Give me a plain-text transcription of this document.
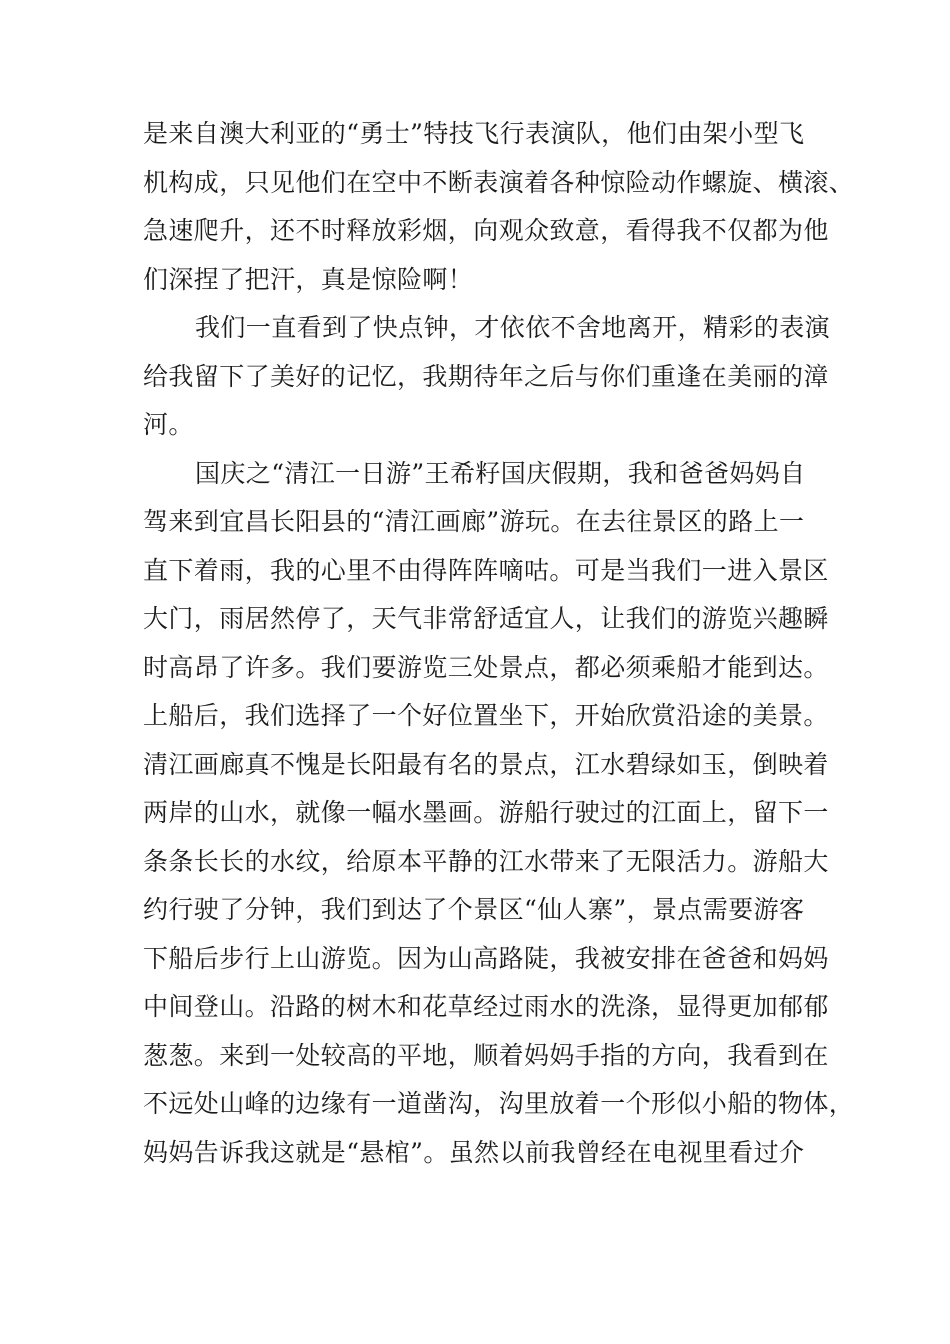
是来自澳大利亚的“勇士”特技飞行表演队，他们由架小型飞
机构成，只见他们在空中不断表演着各种惊险动作螺旋、横滚、
急速爬升，还不时释放彩烟，向观众致意，看得我不仅都为他
们深捏了把汗，真是惊险啊！
我们一直看到了快点钟，才依依不舍地离开，精彩的表演
给我留下了美好的记忆，我期待年之后与你们重逢在美丽的漳
河。
国庆之“清江一日游”王希籽国庆假期，我和爸爸妈妈自
驾来到宜昌长阳县的“清江画廊”游玩。在去往景区的路上一
直下着雨，我的心里不由得阵阵嘀咕。可是当我们一进入景区
大门，雨居然停了，天气非常舒适宜人，让我们的游览兴趣瞬
时高昂了许多。我们要游览三处景点，都必须乘船才能到达。
上船后，我们选择了一个好位置坐下，开始欣赏沿途的美景。
清江画廊真不愧是长阳最有名的景点，江水碧绿如玉，倒映着
两岸的山水，就像一幅水墨画。游船行驶过的江面上，留下一
条条长长的水纹，给原本平静的江水带来了无限活力。游船大
约行驶了分钟，我们到达了个景区“仙人寨”，景点需要游客
下船后步行上山游览。因为山高路陡，我被安排在爸爸和妈妈
中间登山。沿路的树木和花草经过雨水的洗涤，显得更加郁郁
葱葱。来到一处较高的平地，顺着妈妈手指的方向，我看到在
不远处山峰的边缘有一道凿沟，沟里放着一个形似小船的物体，
妈妈告诉我这就是“悬棺”。虽然以前我曾经在电视里看过介
